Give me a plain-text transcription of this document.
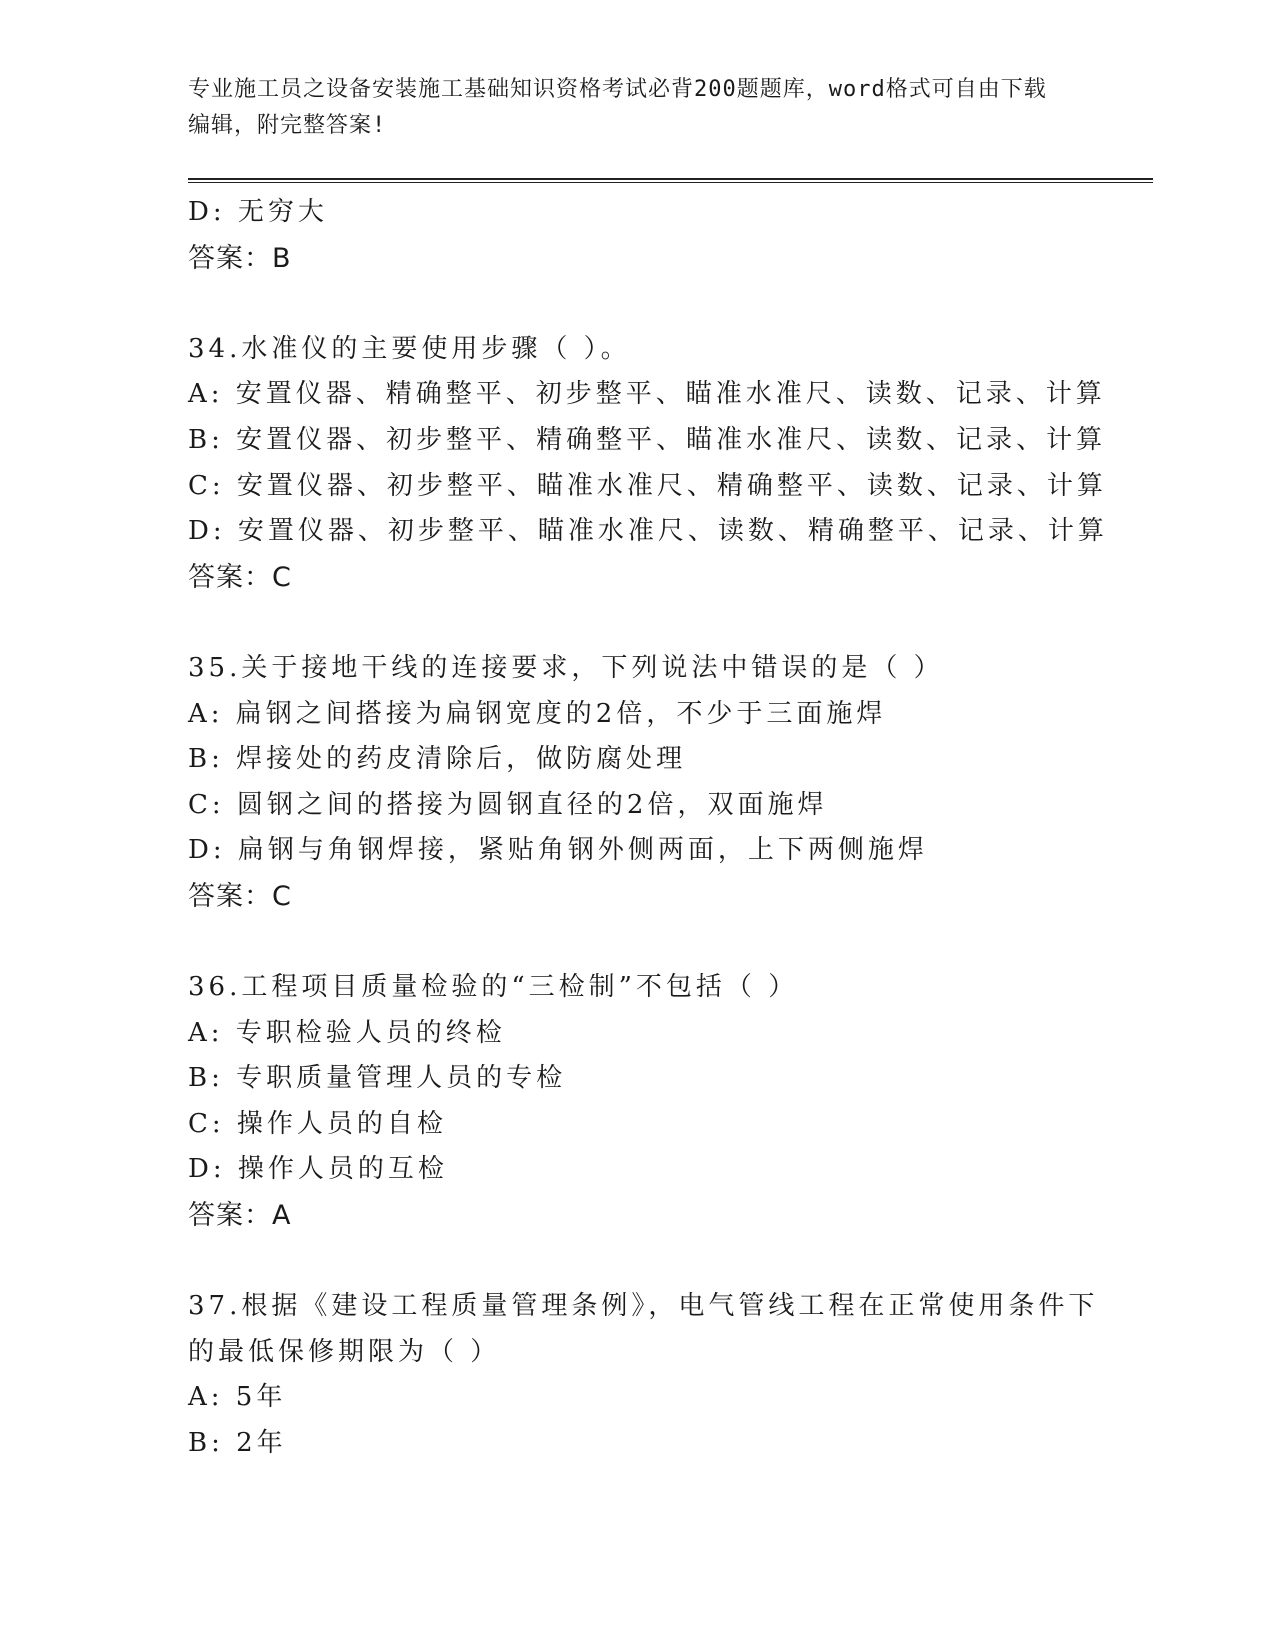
专业施工员之设备安装施工基础知识资格考试必背200题题库，word格式可自由下载编辑，附完整答案!
D: 无穷大
答案：B
34.水准仪的主要使用步骤（ ）。
A: 安置仪器、精确整平、初步整平、瞄准水准尺、读数、记录、计算
B: 安置仪器、初步整平、精确整平、瞄准水准尺、读数、记录、计算
C: 安置仪器、初步整平、瞄准水准尺、精确整平、读数、记录、计算
D: 安置仪器、初步整平、瞄准水准尺、读数、精确整平、记录、计算
答案：C
35.关于接地干线的连接要求，下列说法中错误的是（ ）
A: 扁钢之间搭接为扁钢宽度的2倍，不少于三面施焊
B: 焊接处的药皮清除后，做防腐处理
C: 圆钢之间的搭接为圆钢直径的2倍，双面施焊
D: 扁钢与角钢焊接，紧贴角钢外侧两面，上下两侧施焊
答案：C
36.工程项目质量检验的“三检制”不包括（ ）
A: 专职检验人员的终检
B: 专职质量管理人员的专检
C: 操作人员的自检
D: 操作人员的互检
答案：A
37.根据《建设工程质量管理条例》，电气管线工程在正常使用条件下的最低保修期限为（ ）
A: 5年
B: 2年
